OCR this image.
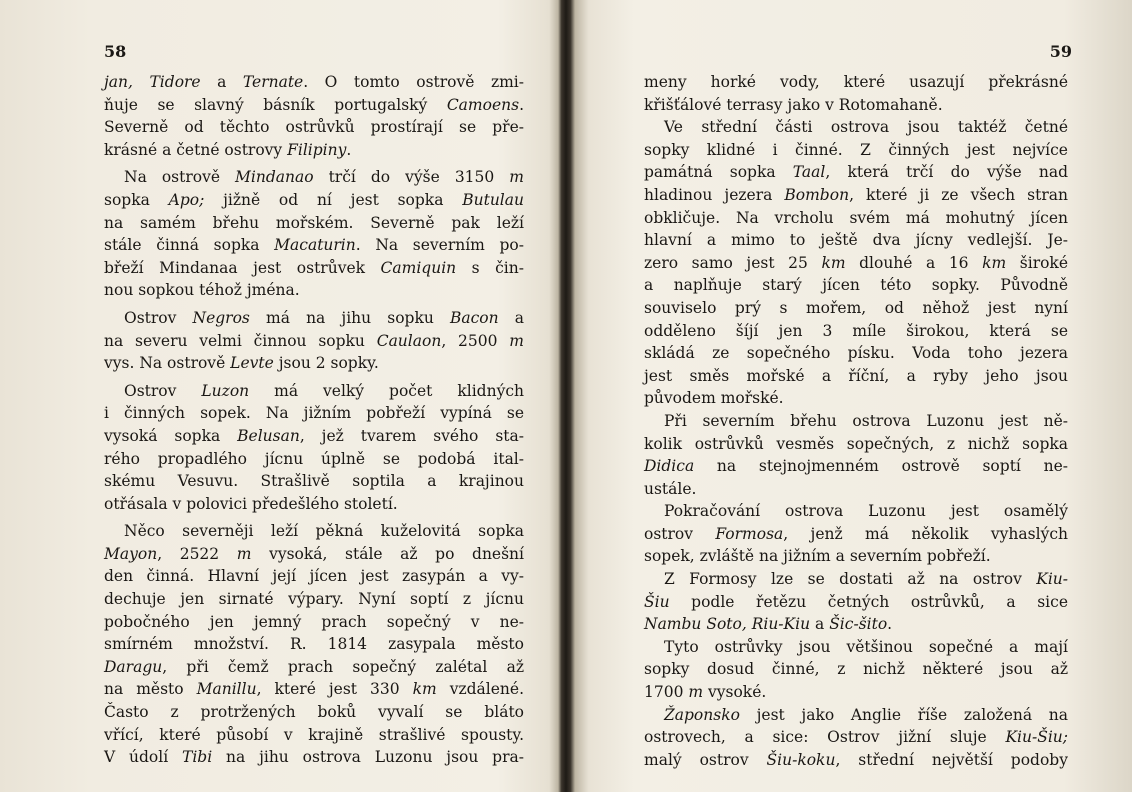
58
jan, Tidore a Ternate. O tomto ostrově zmi-
ňuje se slavný básník portugalský Camoens.
Severně od těchto ostrůvků prostírají se pře-
krásné a četné ostrovy Filipiny.
Na ostrově Mindanao trčí do výše 3150 m
sopka Apo; jižně od ní jest sopka Butulau
na samém břehu mořském. Severně pak leží
stále činná sopka Macaturin. Na severním po-
břeží Mindanaa jest ostrůvek Camiquin s čin-
nou sopkou téhož jména.
Ostrov Negros má na jihu sopku Bacon a
na severu velmi činnou sopku Caulaon, 2500 m
vys. Na ostrově Levte jsou 2 sopky.
Ostrov Luzon má velký počet klidných
i činných sopek. Na jižním pobřeží vypíná se
vysoká sopka Belusan, jež tvarem svého sta-
rého propadlého jícnu úplně se podobá ital-
skému Vesuvu. Strašlivě soptila a krajinou
otřásala v polovici předešlého století.
Něco severněji leží pěkná kuželovitá sopka
Mayon, 2522 m vysoká, stále až po dnešní
den činná. Hlavní její jícen jest zasypán a vy-
dechuje jen sirnaté výpary. Nyní soptí z jícnu
pobočného jen jemný prach sopečný v ne-
smírném množství. R. 1814 zasypala město
Daragu, při čemž prach sopečný zalétal až
na město Manillu, které jest 330 km vzdálené.
Často z protržených boků vyvalí se bláto
vřící, které působí v krajině strašlivé spousty.
V údolí Tibi na jihu ostrova Luzonu jsou pra-
59
meny horké vody, které usazují překrásné
křišťálové terrasy jako v Rotomahaně.
Ve střední části ostrova jsou taktéž četné
sopky klidné i činné. Z činných jest nejvíce
památná sopka Taal, která trčí do výše nad
hladinou jezera Bombon, které ji ze všech stran
obkličuje. Na vrcholu svém má mohutný jícen
hlavní a mimo to ještě dva jícny vedlejší. Je-
zero samo jest 25 km dlouhé a 16 km široké
a naplňuje starý jícen této sopky. Původně
souviselo prý s mořem, od něhož jest nyní
odděleno šíjí jen 3 míle širokou, která se
skládá ze sopečného písku. Voda toho jezera
jest směs mořské a říční, a ryby jeho jsou
původem mořské.
Při severním břehu ostrova Luzonu jest ně-
kolik ostrůvků vesměs sopečných, z nichž sopka
Didica na stejnojmenném ostrově soptí ne-
ustále.
Pokračování ostrova Luzonu jest osamělý
ostrov Formosa, jenž má několik vyhaslých
sopek, zvláště na jižním a severním pobřeží.
Z Formosy lze se dostati až na ostrov Kiu-
Šiu podle řetězu četných ostrůvků, a sice
Nambu Soto, Riu-Kiu a Šic-šito.
Tyto ostrůvky jsou většinou sopečné a mají
sopky dosud činné, z nichž některé jsou až
1700 m vysoké.
Žaponsko jest jako Anglie říše založená na
ostrovech, a sice: Ostrov jižní sluje Kiu-Šiu;
malý ostrov Šiu-koku, střední největší podoby
